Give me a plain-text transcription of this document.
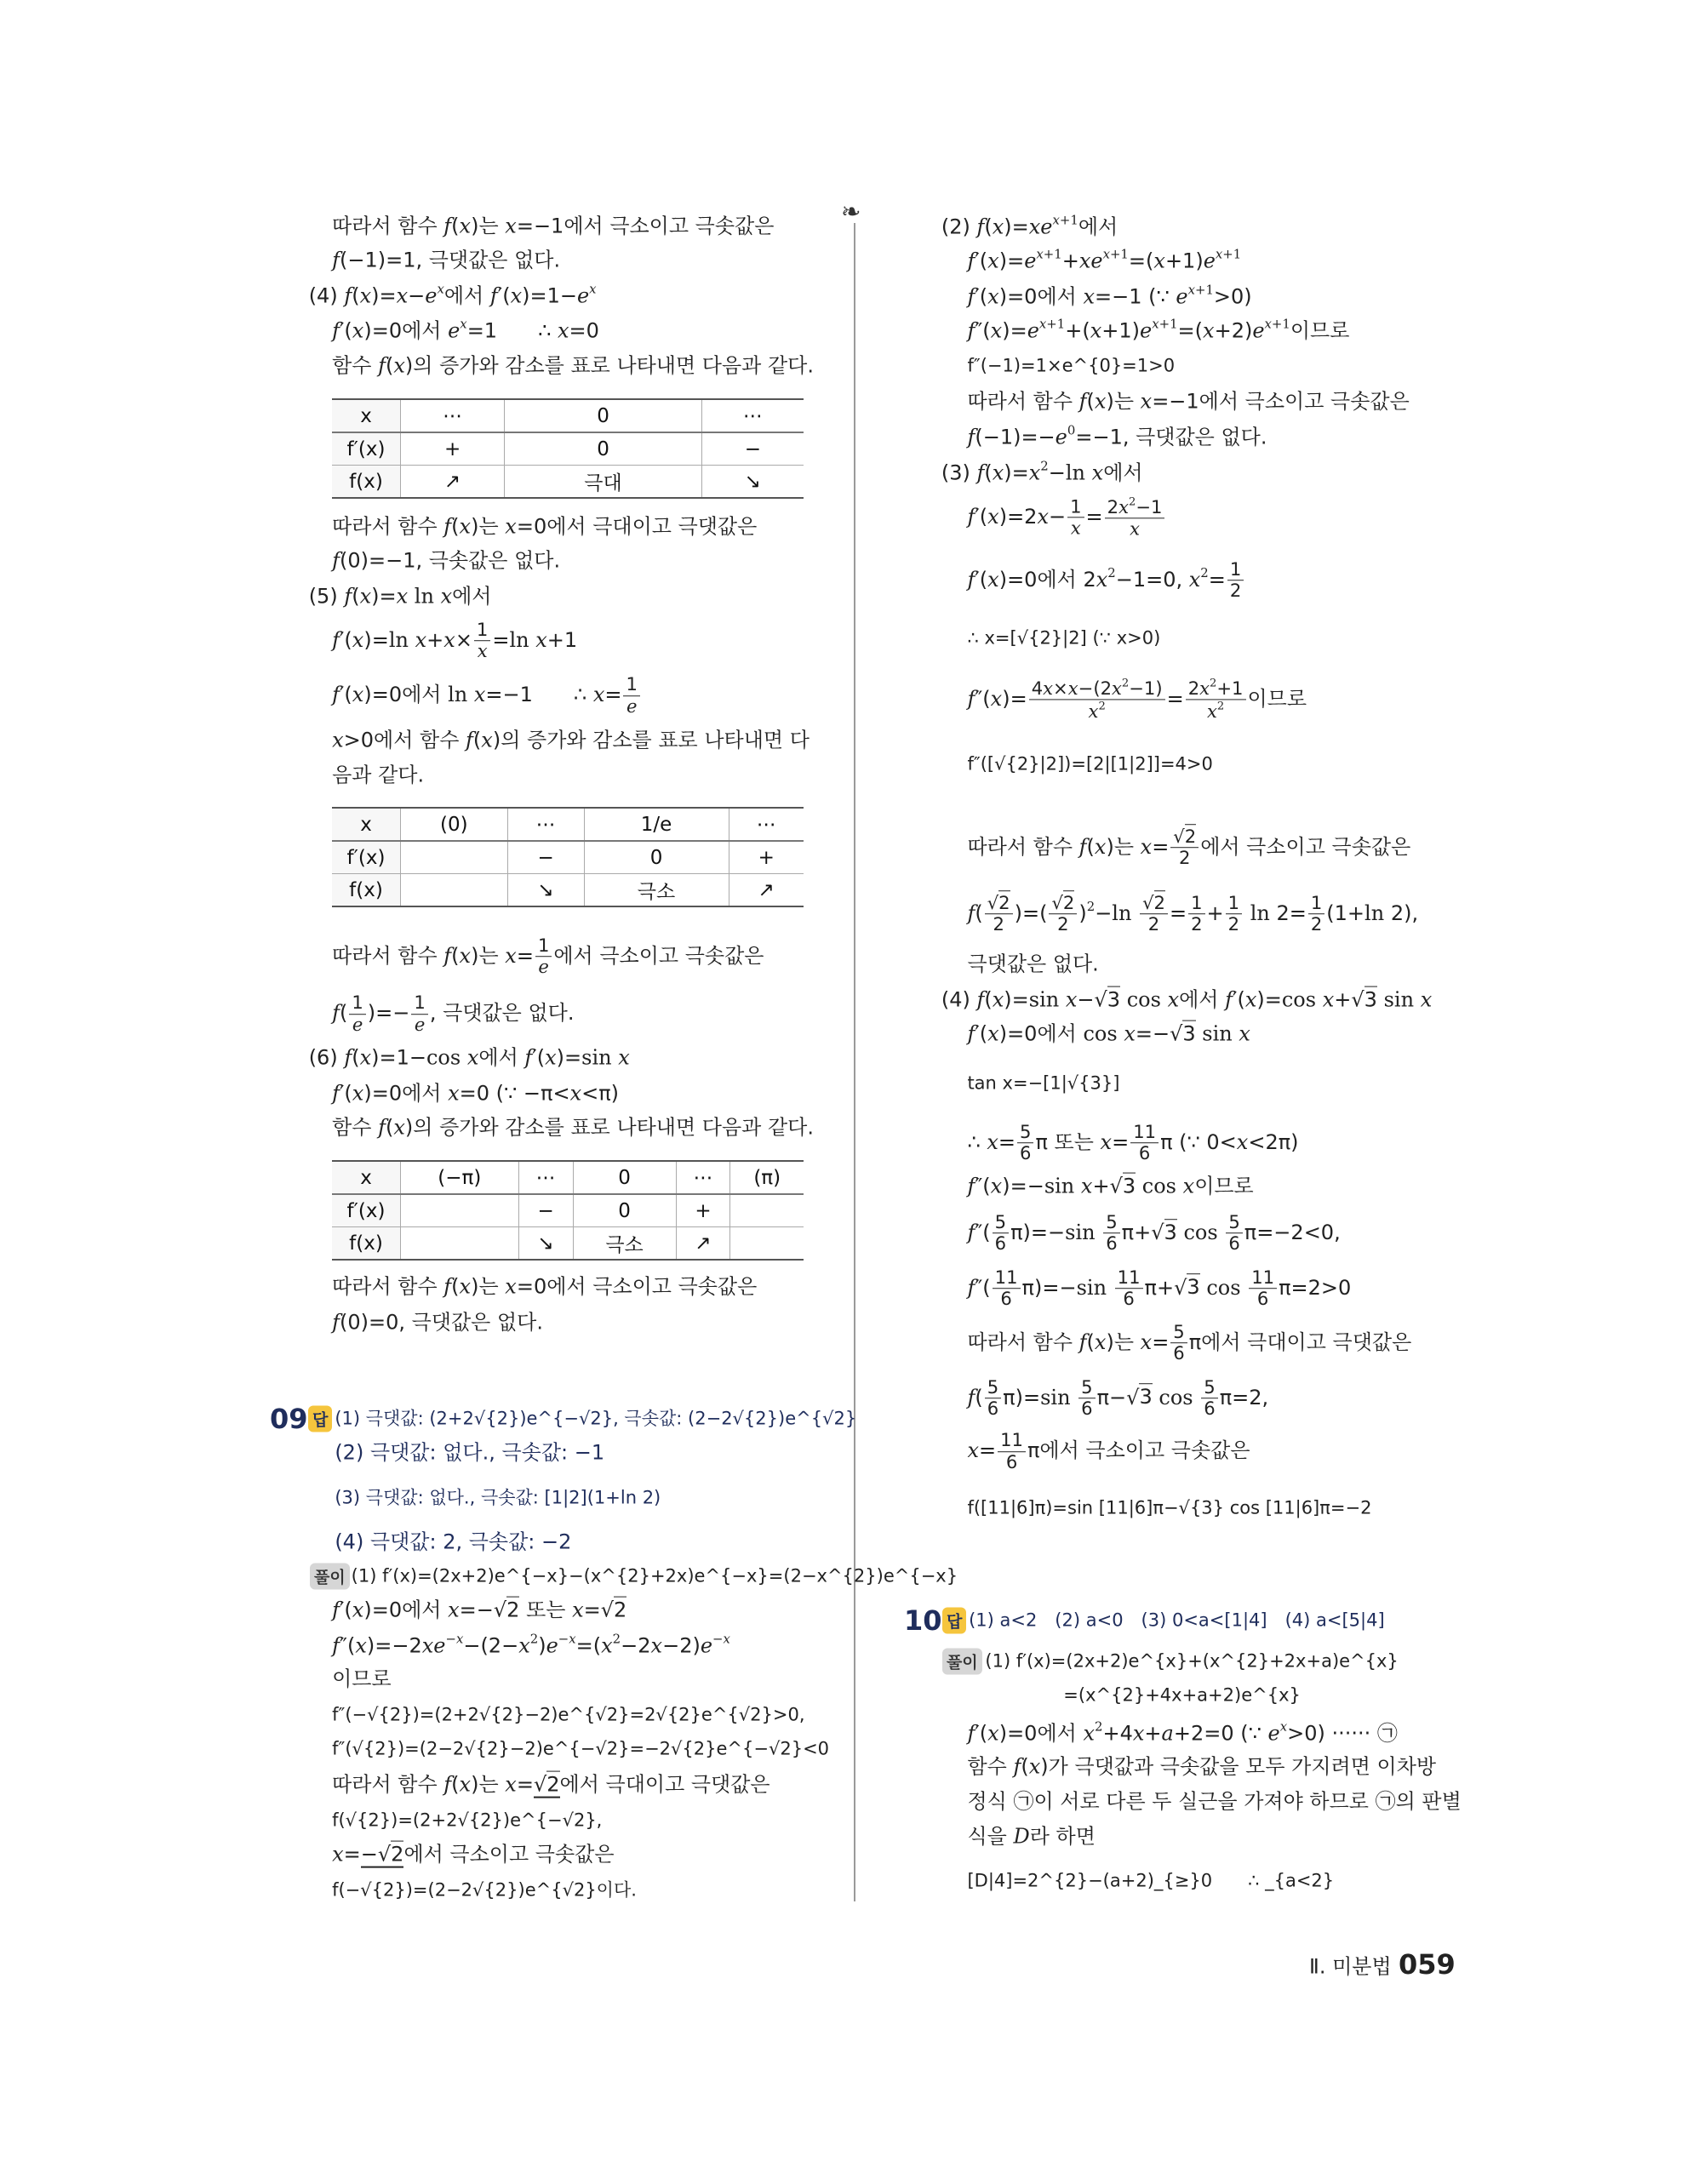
❧
x	⋯	0	⋯
f′(x)	+	0	−
f(x)	↗	극대	↘
x	(0)	⋯	1/e	⋯
f′(x)		−	0	+
f(x)		↘	극소	↗
x	(−π)	⋯	0	⋯	(π)
f′(x)		−	0	+	
f(x)		↘	극소	↗	
09 답
풀이
10 답
풀이
Ⅱ. 미분법 059
따라서 함수 f(x)는 x=−1에서 극소이고 극솟값은
f(−1)=1, 극댓값은 없다.
(4) $f(x)=x-e^x$에서 $f'(x)=1-e^x$
f′(x)=0에서 $e^x=1$　　∴ x=0
함수 f(x)의 증가와 감소를 표로 나타내면 다음과 같다.
따라서 함수 f(x)는 x=0에서 극대이고 극댓값은
f(0)=−1, 극솟값은 없다.
(5) f(x)=x ln x에서
f′(x)=ln $x+x\times \frac{1}{x} =\ln$ x+1
f′(x)=0에서 ln x=−1　　∴ $x= \frac{1}{e}$
x>0에서 함수 f(x)의 증가와 감소를 표로 나타내면 다
음과 같다.
따라서 함수 f(x)는 $x= \frac{1}{e}$ 에서 극소이고 극솟값은
$f( \frac{1}{e}$ )=− $\frac{1}{e}$ , 극댓값은 없다.
(6) f(x)=1−cos x에서 f′(x)=sin x
f′(x)=0에서 x=0 (∵ −π<x<π)
함수 f(x)의 증가와 감소를 표로 나타내면 다음과 같다.
따라서 함수 f(x)는 x=0에서 극소이고 극솟값은
f(0)=0, 극댓값은 없다.
(1) 극댓값: (2+2√{2})e^{−√2}, 극솟값: (2−2√{2})e^{√2}
(2) 극댓값: 없다., 극솟값: −1
(3) 극댓값: 없다., 극솟값: [1|2](1+ln 2)
(4) 극댓값: 2, 극솟값: −2
(1) f′(x)=(2x+2)e^{−x}−(x^{2}+2x)e^{−x}=(2−x^{2})e^{−x}
f′(x)=0에서 x=−√2 또는 x=√2
$f''(x)=-2xe^{-x}-(2-x^2)e^{-x}=(x^2-2x-2)e^{-x}$
이므로
f″(−√{2})=(2+2√{2}−2)e^{√2}=2√{2}e^{√2}>0,
f″(√{2})=(2−2√{2}−2)e^{−√2}=−2√{2}e^{−√2}<0
따라서 함수 f(x)는 x=√2에서 극대이고 극댓값은
f(√{2})=(2+2√{2})e^{−√2},
x=−√2에서 극소이고 극솟값은
f(−√{2})=(2−2√{2})e^{√2}이다.
(2) $f(x)=xe^{x+1}$에서
$f'(x)=e^{x+1}+xe^{x+1}=(x+1)e^{x+1}$
f′(x)=0에서 x=−1 (∵ $e^{x+1}>0$)
$f''(x)=e^{x+1}+(x+1)e^{x+1}=(x+2)e^{x+1}$이므로
f″(−1)=1×e^{0}=1>0
따라서 함수 f(x)는 x=−1에서 극소이고 극솟값은
$f(-1)=-e^0=-1$, 극댓값은 없다.
(3) $f(x)=x^2-\ln$ x에서
$f'(x)=2x- \frac{1}{x} = \frac{2x^2-1}{x}$
f′(x)=0에서 $2x^2-1=0$, $x^2= \frac{1}{2}$
∴ x=[√{2}|2] (∵ x>0)
$f''(x)= \frac{4x\times x-(2x^2-1)}{x^2} = \frac{2x^2+1}{x^2}$ 이므로
f″([√{2}|2])=[2|[1|2]]=4>0
따라서 함수 f(x)는 $x= \frac{√2}{2}$ 에서 극소이고 극솟값은
$f( \frac{√2}{2}$ )=( $\frac{√2}{2} )^2-\ln \frac{√2}{2} = \frac{1}{2} + \frac{1}{2}$ $\ln 2= \frac{1}{2} (1+\ln$ 2),
극댓값은 없다.
(4) f(x)=sin x−√3 cos x에서 f′(x)=cos x+√3 sin x
f′(x)=0에서 cos x=−√3 sin x
tan x=−[1|√{3}]
∴ $x= \frac{5}{6}$ π 또는 $x= \frac{11}{6}$ π (∵ 0<x<2π)
f″(x)=−sin x+√3 cos x이므로
$f''( \frac{5}{6} \pi)=-\sin \frac{5}{6} \pi+√3$ $\cos \frac{5}{6} \pi=-2<0$,
$f''( \frac{11}{6} \pi)=-\sin \frac{11}{6} \pi+√3$ $\cos \frac{11}{6} \pi=2>0$
따라서 함수 f(x)는 $x= \frac{5}{6}$ π에서 극대이고 극댓값은
$f( \frac{5}{6} \pi)=\sin \frac{5}{6} \pi-√3$ $\cos \frac{5}{6} \pi=2$,
$x= \frac{11}{6}$ π에서 극소이고 극솟값은
f([11|6]π)=sin [11|6]π−√{3} cos [11|6]π=−2
(1) a<2　(2) a<0　(3) 0<a<[1|4]　(4) a<[5|4]
(1) f′(x)=(2x+2)e^{x}+(x^{2}+2x+a)e^{x}
=(x^{2}+4x+a+2)e^{x}
f′(x)=0에서 $x^2+4x+a+2=0$ (∵ $e^x>0$) ······ ㉠
함수 f(x)가 극댓값과 극솟값을 모두 가지려면 이차방
정식 ㉠이 서로 다른 두 실근을 가져야 하므로 ㉠의 판별
식을 D라 하면
[D|4]=2^{2}−(a+2)_{≥}0　　∴ _{a<2}
